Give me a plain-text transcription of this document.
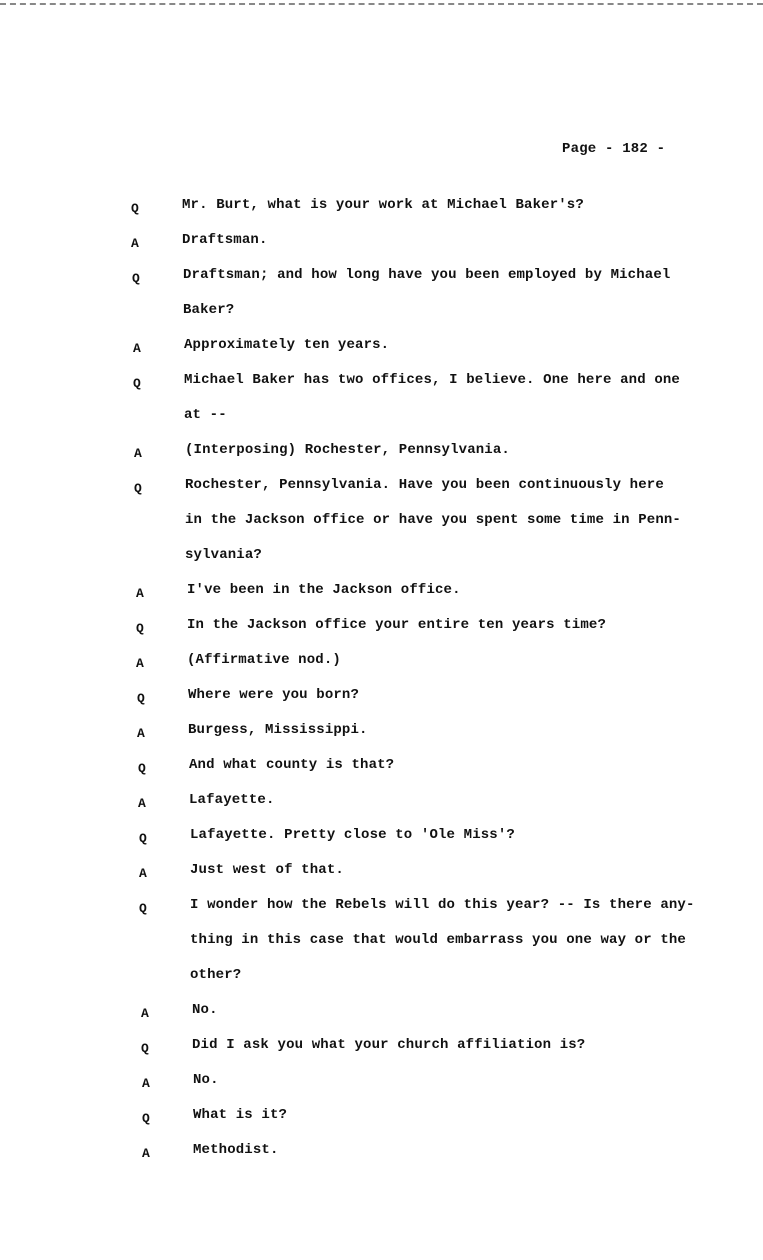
Page - 182 -
Q	Mr. Burt, what is your work at Michael Baker's?
A	Draftsman.
Q	Draftsman; and how long have you been employed by Michael
Baker?
A	Approximately ten years.
Q	Michael Baker has two offices, I believe. One here and one
at --
A	(Interposing) Rochester, Pennsylvania.
Q	Rochester, Pennsylvania. Have you been continuously here
in the Jackson office or have you spent some time in Penn-
sylvania?
A	I've been in the Jackson office.
Q	In the Jackson office your entire ten years time?
A	(Affirmative nod.)
Q	Where were you born?
A	Burgess, Mississippi.
Q	And what county is that?
A	Lafayette.
Q	Lafayette. Pretty close to 'Ole Miss'?
A	Just west of that.
Q	I wonder how the Rebels will do this year? -- Is there any-
thing in this case that would embarrass you one way or the
other?
A	No.
Q	Did I ask you what your church affiliation is?
A	No.
Q	What is it?
A	Methodist.
